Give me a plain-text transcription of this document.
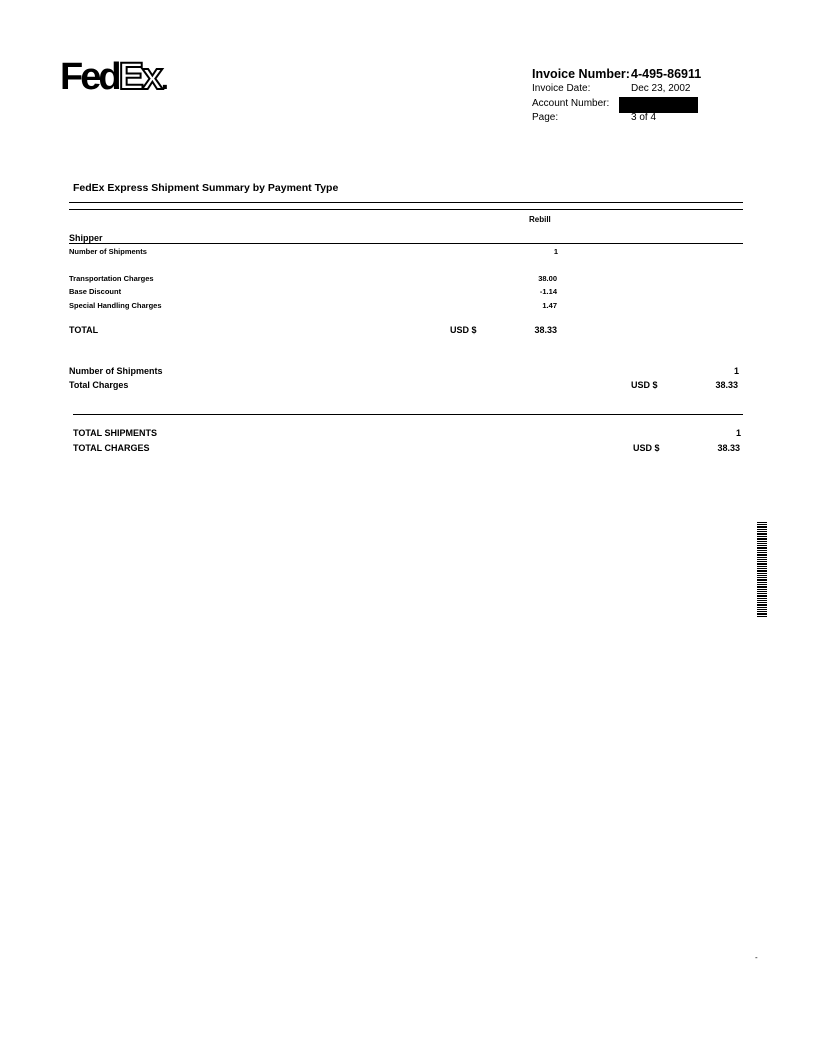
FedEx.	Invoice Number: 4-495-86911
Invoice Date:	Dec 23, 2002
Account Number:
Page:	3 of 4
FedEx Express Shipment Summary by Payment Type
Rebill
Shipper
Number of Shipments	1
Transportation Charges	38.00
Base Discount	-1.14
Special Handling Charges	1.47
TOTAL	USD $	38.33
Number of Shipments	1
Total Charges	USD $	38.33
TOTAL SHIPMENTS	1
TOTAL CHARGES	USD $	38.33
-
